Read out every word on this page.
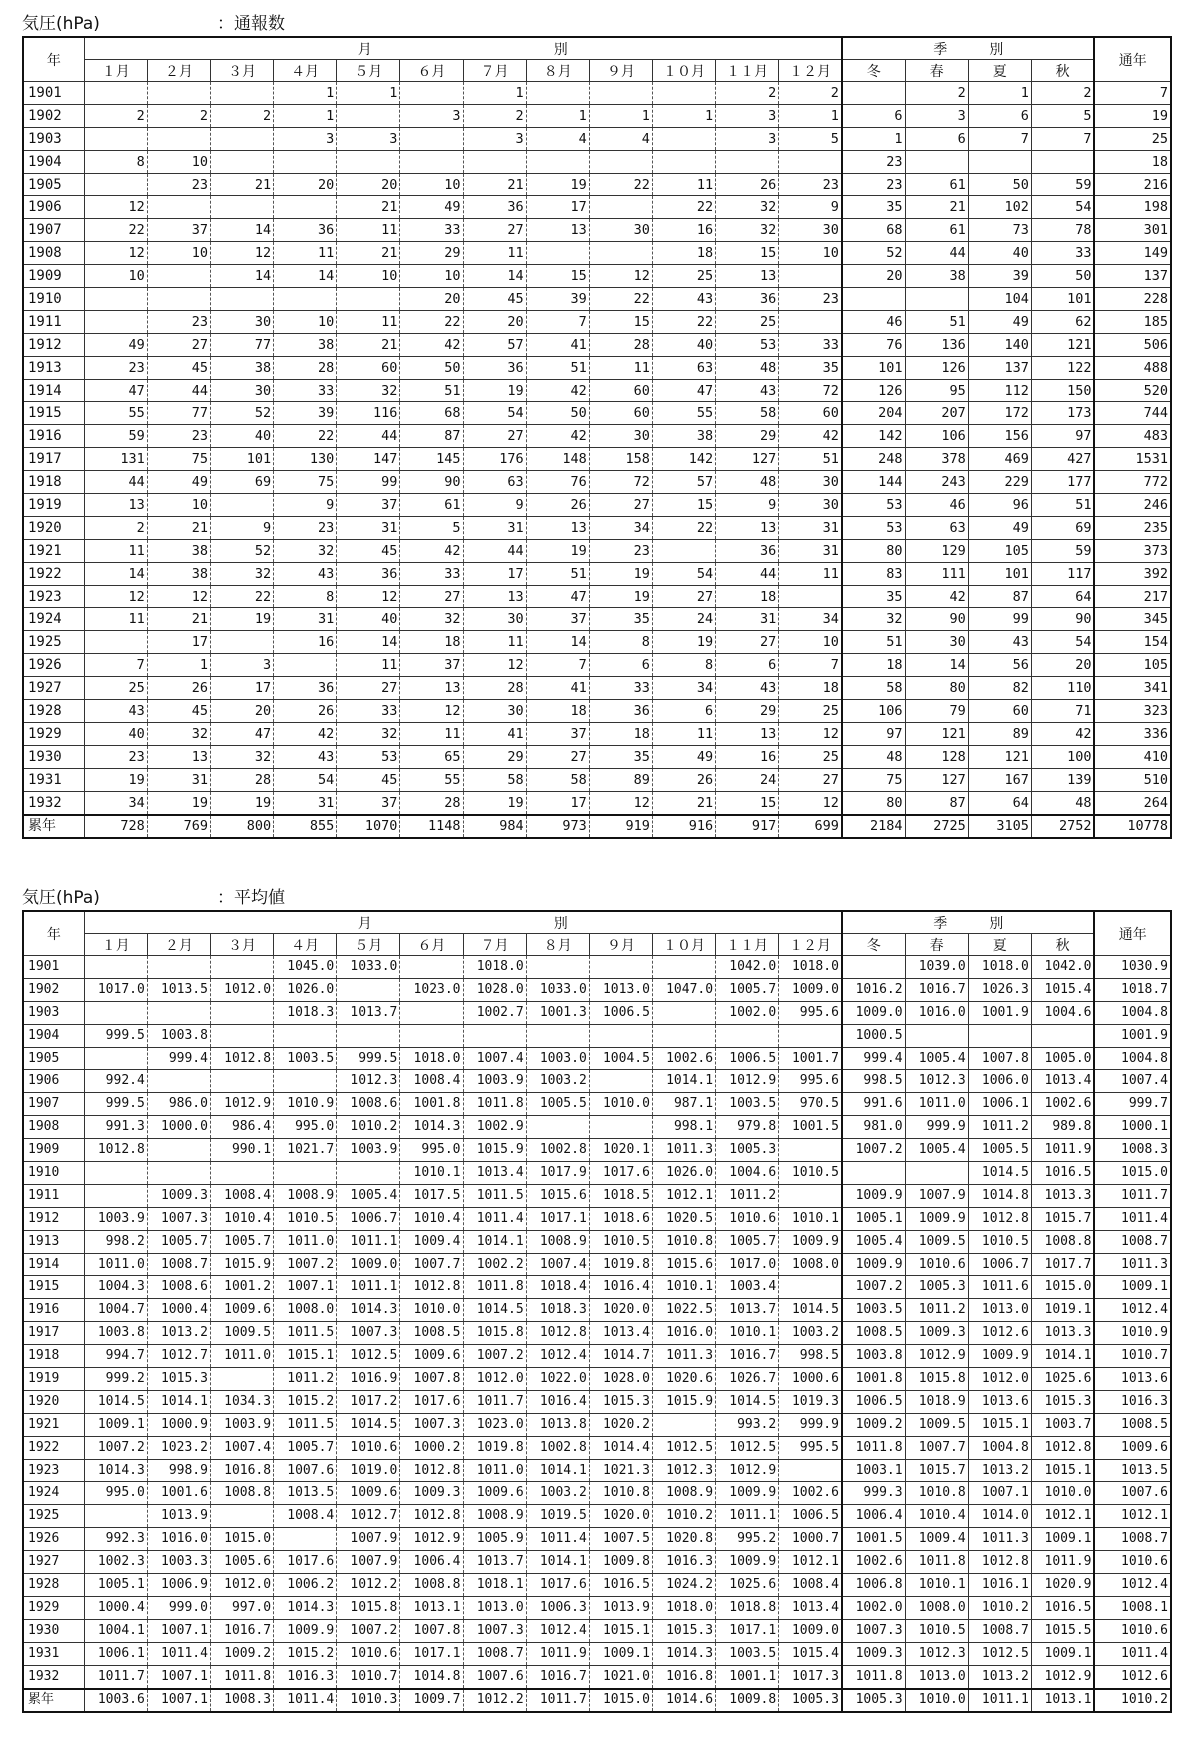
気圧(hPa)	：通報数
年	月　　　　　　　　　　　　　別												季　　　別				通年
	１月	２月	３月	４月	５月	６月	７月	８月	９月	１０月	１１月	１２月	冬	春	夏	秋	
1901				1	1		1				2	2		2	1	2	7
1902	2	2	2	1		3	2	1	1	1	3	1	6	3	6	5	19
1903				3	3		3	4	4		3	5	1	6	7	7	25
1904	8	10											23				18
1905		23	21	20	20	10	21	19	22	11	26	23	23	61	50	59	216
1906	12				21	49	36	17		22	32	9	35	21	102	54	198
1907	22	37	14	36	11	33	27	13	30	16	32	30	68	61	73	78	301
1908	12	10	12	11	21	29	11			18	15	10	52	44	40	33	149
1909	10		14	14	10	10	14	15	12	25	13		20	38	39	50	137
1910						20	45	39	22	43	36	23			104	101	228
1911		23	30	10	11	22	20	7	15	22	25		46	51	49	62	185
1912	49	27	77	38	21	42	57	41	28	40	53	33	76	136	140	121	506
1913	23	45	38	28	60	50	36	51	11	63	48	35	101	126	137	122	488
1914	47	44	30	33	32	51	19	42	60	47	43	72	126	95	112	150	520
1915	55	77	52	39	116	68	54	50	60	55	58	60	204	207	172	173	744
1916	59	23	40	22	44	87	27	42	30	38	29	42	142	106	156	97	483
1917	131	75	101	130	147	145	176	148	158	142	127	51	248	378	469	427	1531
1918	44	49	69	75	99	90	63	76	72	57	48	30	144	243	229	177	772
1919	13	10		9	37	61	9	26	27	15	9	30	53	46	96	51	246
1920	2	21	9	23	31	5	31	13	34	22	13	31	53	63	49	69	235
1921	11	38	52	32	45	42	44	19	23		36	31	80	129	105	59	373
1922	14	38	32	43	36	33	17	51	19	54	44	11	83	111	101	117	392
1923	12	12	22	8	12	27	13	47	19	27	18		35	42	87	64	217
1924	11	21	19	31	40	32	30	37	35	24	31	34	32	90	99	90	345
1925		17		16	14	18	11	14	8	19	27	10	51	30	43	54	154
1926	7	1	3		11	37	12	7	6	8	6	7	18	14	56	20	105
1927	25	26	17	36	27	13	28	41	33	34	43	18	58	80	82	110	341
1928	43	45	20	26	33	12	30	18	36	6	29	25	106	79	60	71	323
1929	40	32	47	42	32	11	41	37	18	11	13	12	97	121	89	42	336
1930	23	13	32	43	53	65	29	27	35	49	16	25	48	128	121	100	410
1931	19	31	28	54	45	55	58	58	89	26	24	27	75	127	167	139	510
1932	34	19	19	31	37	28	19	17	12	21	15	12	80	87	64	48	264
累年	728	769	800	855	1070	1148	984	973	919	916	917	699	2184	2725	3105	2752	10778
気圧(hPa)	：平均値
年	月　　　　　　　　　　　　　別												季　　　別				通年
	１月	２月	３月	４月	５月	６月	７月	８月	９月	１０月	１１月	１２月	冬	春	夏	秋	
1901				1045.0	1033.0		1018.0				1042.0	1018.0		1039.0	1018.0	1042.0	1030.9
1902	1017.0	1013.5	1012.0	1026.0		1023.0	1028.0	1033.0	1013.0	1047.0	1005.7	1009.0	1016.2	1016.7	1026.3	1015.4	1018.7
1903				1018.3	1013.7		1002.7	1001.3	1006.5		1002.0	995.6	1009.0	1016.0	1001.9	1004.6	1004.8
1904	999.5	1003.8											1000.5				1001.9
1905		999.4	1012.8	1003.5	999.5	1018.0	1007.4	1003.0	1004.5	1002.6	1006.5	1001.7	999.4	1005.4	1007.8	1005.0	1004.8
1906	992.4				1012.3	1008.4	1003.9	1003.2		1014.1	1012.9	995.6	998.5	1012.3	1006.0	1013.4	1007.4
1907	999.5	986.0	1012.9	1010.9	1008.6	1001.8	1011.8	1005.5	1010.0	987.1	1003.5	970.5	991.6	1011.0	1006.1	1002.6	999.7
1908	991.3	1000.0	986.4	995.0	1010.2	1014.3	1002.9			998.1	979.8	1001.5	981.0	999.9	1011.2	989.8	1000.1
1909	1012.8		990.1	1021.7	1003.9	995.0	1015.9	1002.8	1020.1	1011.3	1005.3		1007.2	1005.4	1005.5	1011.9	1008.3
1910						1010.1	1013.4	1017.9	1017.6	1026.0	1004.6	1010.5			1014.5	1016.5	1015.0
1911		1009.3	1008.4	1008.9	1005.4	1017.5	1011.5	1015.6	1018.5	1012.1	1011.2		1009.9	1007.9	1014.8	1013.3	1011.7
1912	1003.9	1007.3	1010.4	1010.5	1006.7	1010.4	1011.4	1017.1	1018.6	1020.5	1010.6	1010.1	1005.1	1009.9	1012.8	1015.7	1011.4
1913	998.2	1005.7	1005.7	1011.0	1011.1	1009.4	1014.1	1008.9	1010.5	1010.8	1005.7	1009.9	1005.4	1009.5	1010.5	1008.8	1008.7
1914	1011.0	1008.7	1015.9	1007.2	1009.0	1007.7	1002.2	1007.4	1019.8	1015.6	1017.0	1008.0	1009.9	1010.6	1006.7	1017.7	1011.3
1915	1004.3	1008.6	1001.2	1007.1	1011.1	1012.8	1011.8	1018.4	1016.4	1010.1	1003.4		1007.2	1005.3	1011.6	1015.0	1009.1
1916	1004.7	1000.4	1009.6	1008.0	1014.3	1010.0	1014.5	1018.3	1020.0	1022.5	1013.7	1014.5	1003.5	1011.2	1013.0	1019.1	1012.4
1917	1003.8	1013.2	1009.5	1011.5	1007.3	1008.5	1015.8	1012.8	1013.4	1016.0	1010.1	1003.2	1008.5	1009.3	1012.6	1013.3	1010.9
1918	994.7	1012.7	1011.0	1015.1	1012.5	1009.6	1007.2	1012.4	1014.7	1011.3	1016.7	998.5	1003.8	1012.9	1009.9	1014.1	1010.7
1919	999.2	1015.3		1011.2	1016.9	1007.8	1012.0	1022.0	1028.0	1020.6	1026.7	1000.6	1001.8	1015.8	1012.0	1025.6	1013.6
1920	1014.5	1014.1	1034.3	1015.2	1017.2	1017.6	1011.7	1016.4	1015.3	1015.9	1014.5	1019.3	1006.5	1018.9	1013.6	1015.3	1016.3
1921	1009.1	1000.9	1003.9	1011.5	1014.5	1007.3	1023.0	1013.8	1020.2		993.2	999.9	1009.2	1009.5	1015.1	1003.7	1008.5
1922	1007.2	1023.2	1007.4	1005.7	1010.6	1000.2	1019.8	1002.8	1014.4	1012.5	1012.5	995.5	1011.8	1007.7	1004.8	1012.8	1009.6
1923	1014.3	998.9	1016.8	1007.6	1019.0	1012.8	1011.0	1014.1	1021.3	1012.3	1012.9		1003.1	1015.7	1013.2	1015.1	1013.5
1924	995.0	1001.6	1008.8	1013.5	1009.6	1009.3	1009.6	1003.2	1010.8	1008.9	1009.9	1002.6	999.3	1010.8	1007.1	1010.0	1007.6
1925		1013.9		1008.4	1012.7	1012.8	1008.9	1019.5	1020.0	1010.2	1011.1	1006.5	1006.4	1010.4	1014.0	1012.1	1012.1
1926	992.3	1016.0	1015.0		1007.9	1012.9	1005.9	1011.4	1007.5	1020.8	995.2	1000.7	1001.5	1009.4	1011.3	1009.1	1008.7
1927	1002.3	1003.3	1005.6	1017.6	1007.9	1006.4	1013.7	1014.1	1009.8	1016.3	1009.9	1012.1	1002.6	1011.8	1012.8	1011.9	1010.6
1928	1005.1	1006.9	1012.0	1006.2	1012.2	1008.8	1018.1	1017.6	1016.5	1024.2	1025.6	1008.4	1006.8	1010.1	1016.1	1020.9	1012.4
1929	1000.4	999.0	997.0	1014.3	1015.8	1013.1	1013.0	1006.3	1013.9	1018.0	1018.8	1013.4	1002.0	1008.0	1010.2	1016.5	1008.1
1930	1004.1	1007.1	1016.7	1009.9	1007.2	1007.8	1007.3	1012.4	1015.1	1015.3	1017.1	1009.0	1007.3	1010.5	1008.7	1015.5	1010.6
1931	1006.1	1011.4	1009.2	1015.2	1010.6	1017.1	1008.7	1011.9	1009.1	1014.3	1003.5	1015.4	1009.3	1012.3	1012.5	1009.1	1011.4
1932	1011.7	1007.1	1011.8	1016.3	1010.7	1014.8	1007.6	1016.7	1021.0	1016.8	1001.1	1017.3	1011.8	1013.0	1013.2	1012.9	1012.6
累年	1003.6	1007.1	1008.3	1011.4	1010.3	1009.7	1012.2	1011.7	1015.0	1014.6	1009.8	1005.3	1005.3	1010.0	1011.1	1013.1	1010.2
